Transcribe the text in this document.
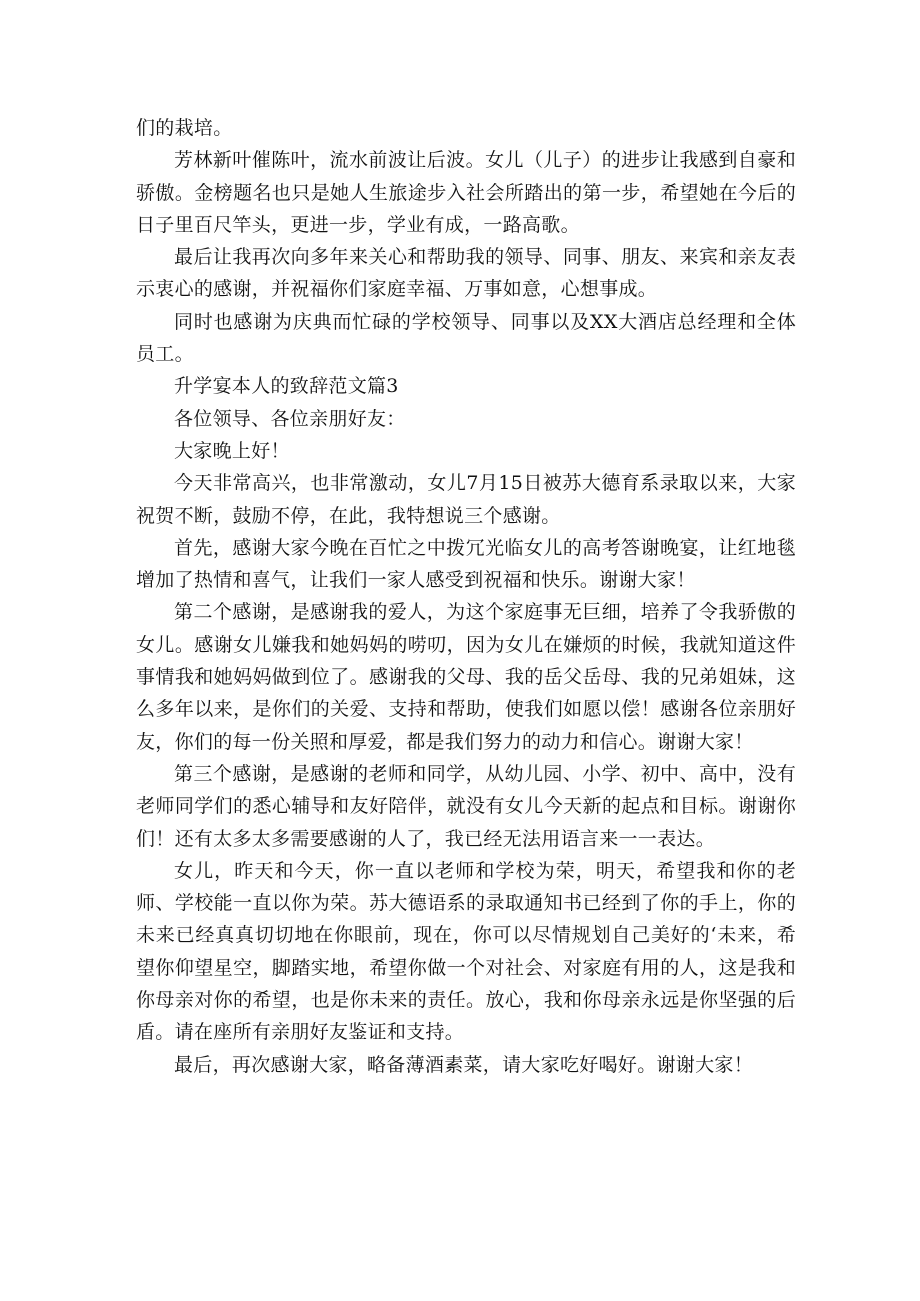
们的栽培。

芳林新叶催陈叶，流水前波让后波。女儿（儿子）的进步让我感到自豪和骄傲。金榜题名也只是她人生旅途步入社会所踏出的第一步，希望她在今后的日子里百尺竿头，更进一步，学业有成，一路高歌。

最后让我再次向多年来关心和帮助我的领导、同事、朋友、来宾和亲友表示衷心的感谢，并祝福你们家庭幸福、万事如意，心想事成。

同时也感谢为庆典而忙碌的学校领导、同事以及XX大酒店总经理和全体员工。

升学宴本人的致辞范文篇3

各位领导、各位亲朋好友：

大家晚上好！

今天非常高兴，也非常激动，女儿7月15日被苏大德育系录取以来，大家祝贺不断，鼓励不停，在此，我特想说三个感谢。

首先，感谢大家今晚在百忙之中拨冗光临女儿的高考答谢晚宴，让红地毯增加了热情和喜气，让我们一家人感受到祝福和快乐。谢谢大家！

第二个感谢，是感谢我的爱人，为这个家庭事无巨细，培养了令我骄傲的女儿。感谢女儿嫌我和她妈妈的唠叨，因为女儿在嫌烦的时候，我就知道这件事情我和她妈妈做到位了。感谢我的父母、我的岳父岳母、我的兄弟姐妹，这么多年以来，是你们的关爱、支持和帮助，使我们如愿以偿！感谢各位亲朋好友，你们的每一份关照和厚爱，都是我们努力的动力和信心。谢谢大家！

第三个感谢，是感谢的老师和同学，从幼儿园、小学、初中、高中，没有老师同学们的悉心辅导和友好陪伴，就没有女儿今天新的起点和目标。谢谢你们！还有太多太多需要感谢的人了，我已经无法用语言来一一表达。

女儿，昨天和今天，你一直以老师和学校为荣，明天，希望我和你的老师、学校能一直以你为荣。苏大德语系的录取通知书已经到了你的手上，你的未来已经真真切切地在你眼前，现在，你可以尽情规划自己美好的‘未来，希望你仰望星空，脚踏实地，希望你做一个对社会、对家庭有用的人，这是我和你母亲对你的希望，也是你未来的责任。放心，我和你母亲永远是你坚强的后盾。请在座所有亲朋好友鉴证和支持。

最后，再次感谢大家，略备薄酒素菜，请大家吃好喝好。谢谢大家！
